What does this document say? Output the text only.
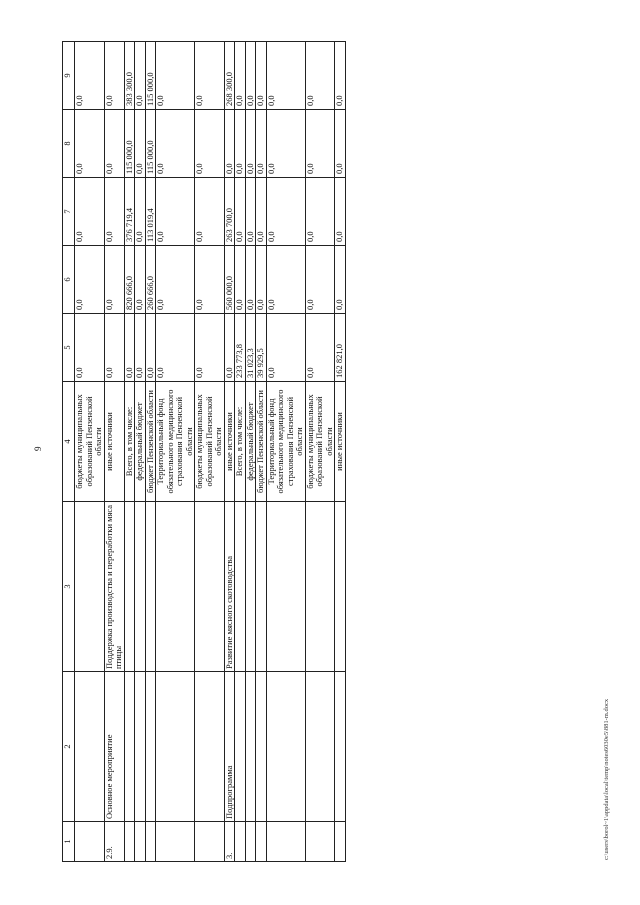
9
1	2	3	4	5	6	7	8	9
			бюджеты муниципальных образований Пензенской области	0,0	0,0	0,0	0,0	0,0
2.9.	Основное мероприятие	Поддержка производства и переработки мяса птицы	иные источники	0,0	0,0	0,0	0,0	0,0
			Всего, в том числе:	0,0	820 666,0	376 719,4	115 000,0	383 300,0
			федеральный бюджет	0,0	0,0	0,0	0,0	0,0
			бюджет Пензенской области	0,0	260 666,0	113 019,4	115 000,0	115 000,0
			Территориальный фонд обязательного медицинского страхования Пензенской области	0,0	0,0	0,0	0,0	0,0
			бюджеты муниципальных образований Пензенской области	0,0	0,0	0,0	0,0	0,0
3.	Подпрограмма	Развитие мясного скотоводства	иные источники	0,0	560 000,0	263 700,0	0,0	268 300,0
			Всего, в том числе:	233 773,8	0,0	0,0	0,0	0,0
			федеральный бюджет	31 023,3	0,0	0,0	0,0	0,0
			бюджет Пензенской области	39 929,5	0,0	0,0	0,0	0,0
			Территориальный фонд обязательного медицинского страхования Пензенской области	0,0	0,0	0,0	0,0	0,0
			бюджеты муниципальных образований Пензенской области	0,0	0,0	0,0	0,0	0,0
			иные источники	162 821,0	0,0	0,0	0,0	0,0
c:\users\borol~1\appdata\local\temp\notes6030e5\881-m.docx
